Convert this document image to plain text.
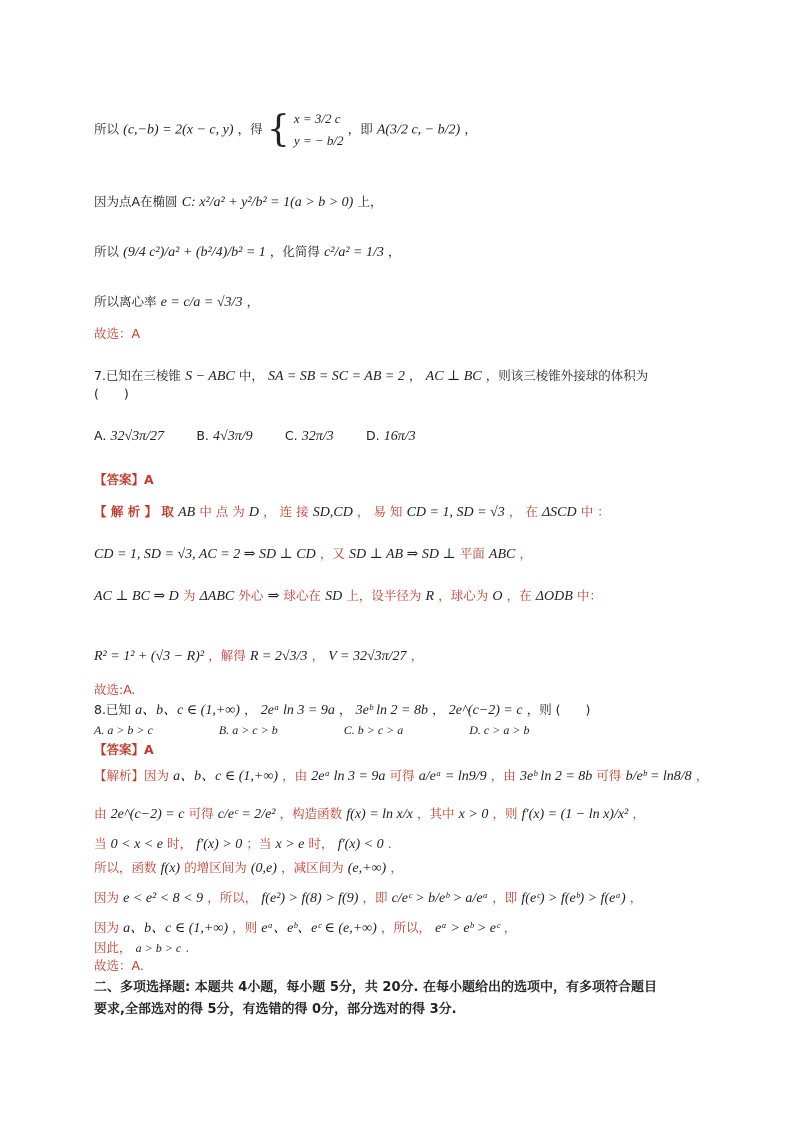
所以 (c,−b) = 2(x − c, y) ，得 { x = 3/2 c
y = − b/2
，即 A(3/2 c, − b/2) ，
因为点A在椭圆 C: x²/a² + y²/b² = 1(a > b > 0) 上，
所以 (9/4 c²)/a² + (b²/4)/b² = 1 ，化简得 c²/a² = 1/3 ，
所以离心率 e = c/a = √3/3 ，
故选：A
7.已知在三棱锥 S − ABC 中， SA = SB = SC = AB = 2 ， AC ⊥ BC ，则该三棱锥外接球的体积为
(　　)
A. 32√3π/27	B. 4√3π/9	C. 32π/3	D. 16π/3
【答案】A
【 解 析 】 取 AB 中 点 为 D ， 连 接 SD,CD ， 易 知 CD = 1, SD = √3 ， 在 ΔSCD 中 ：
CD = 1, SD = √3, AC = 2 ⇒ SD ⊥ CD ，又 SD ⊥ AB ⇒ SD ⊥ 平面 ABC ，
AC ⊥ BC ⇒ D 为 ΔABC 外心 ⇒ 球心在 SD 上，设半径为 R ，球心为 O ，在 ΔODB 中：
R² = 1² + (√3 − R)² ，解得 R = 2√3/3 ， V = 32√3π/27 ，
故选:A.
8.已知 a、b、c ∈ (1,+∞) ， 2eᵃ ln 3 = 9a ， 3eᵇ ln 2 = 8b ， 2e^(c−2) = c ，则 (　　)
A. a > b > c	B. a > c > b	C. b > c > a	D. c > a > b
【答案】A
【解析】因为 a、b、c ∈ (1,+∞) ，由 2eᵃ ln 3 = 9a 可得 a/eᵃ = ln9/9 ，由 3eᵇ ln 2 = 8b 可得 b/eᵇ = ln8/8 ，
由 2e^(c−2) = c 可得 c/eᶜ = 2/e² ，构造函数 f(x) = ln x/x ，其中 x > 0 ，则 f′(x) = (1 − ln x)/x² ，
当 0 < x < e 时， f′(x) > 0 ；当 x > e 时， f′(x) < 0 .
所以，函数 f(x) 的增区间为 (0,e) ，减区间为 (e,+∞) ，
因为 e < e² < 8 < 9 ，所以， f(e²) > f(8) > f(9) ，即 c/eᶜ > b/eᵇ > a/eᵃ ，即 f(eᶜ) > f(eᵇ) > f(eᵃ) ，
因为 a、b、c ∈ (1,+∞) ，则 eᵃ、eᵇ、eᶜ ∈ (e,+∞) ，所以， eᵃ > eᵇ > eᶜ ，
因此， a > b > c .
故选：A.
二、多项选择题: 本题共 4小题，每小题 5分，共 20分. 在每小题给出的选项中，有多项符合题目
要求,全部选对的得 5分，有选错的得 0分，部分选对的得 3分.
